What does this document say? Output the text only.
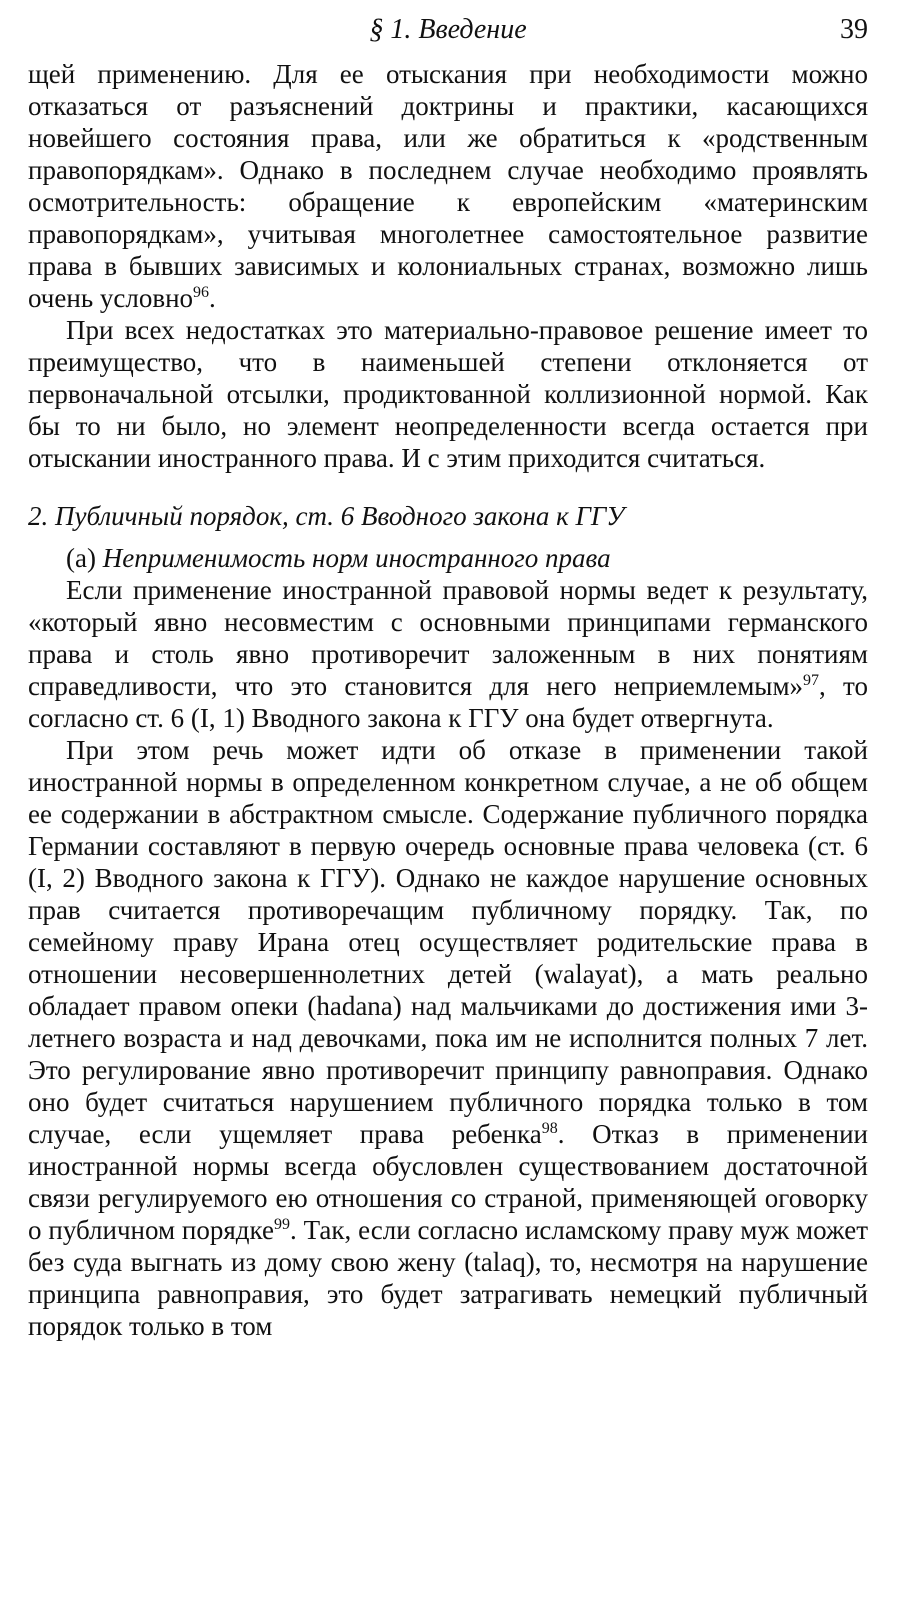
§ 1. Введение	39

щей применению. Для ее отыскания при необходимости можно отказаться от разъяснений доктрины и практики, касающихся новейшего состояния права, или же обратиться к «родственным правопорядкам». Однако в последнем случае необходимо проявлять осмотрительность: обращение к европейским «материнским правопорядкам», учитывая многолетнее самостоятельное развитие права в бывших зависимых и колониальных странах, возможно лишь очень условно$^{96}$.

При всех недостатках это материально-правовое решение имеет то преимущество, что в наименьшей степени отклоняется от первоначальной отсылки, продиктованной коллизионной нормой. Как бы то ни было, но элемент неопределенности всегда остается при отыскании иностранного права. И с этим приходится считаться.

2. Публичный порядок, ст. 6 Вводного закона к ГГУ
(а) Неприменимость норм иностранного права

Если применение иностранной правовой нормы ведет к результату, «который явно несовместим с основными принципами германского права и столь явно противоречит заложенным в них понятиям справедливости, что это становится для него неприемлемым»$^{97}$, то согласно ст. 6 (I, 1) Вводного закона к ГГУ она будет отвергнута.

При этом речь может идти об отказе в применении такой иностранной нормы в определенном конкретном случае, а не об общем ее содержании в абстрактном смысле. Содержание публичного порядка Германии составляют в первую очередь основные права человека (ст. 6 (I, 2) Вводного закона к ГГУ). Однако не каждое нарушение основных прав считается противоречащим публичному порядку. Так, по семейному праву Ирана отец осуществляет родительские права в отношении несовершеннолетних детей (walayat), а мать реально обладает правом опеки (hadana) над мальчиками до достижения ими 3-летнего возраста и над девочками, пока им не исполнится полных 7 лет. Это регулирование явно противоречит принципу равноправия. Однако оно будет считаться нарушением публичного порядка только в том случае, если ущемляет права ребенка$^{98}$. Отказ в применении иностранной нормы всегда обусловлен существованием достаточной связи регулируемого ею отношения со страной, применяющей оговорку о публичном порядке$^{99}$. Так, если согласно исламскому праву муж может без суда выгнать из дому свою жену (talaq), то, несмотря на нарушение принципа равноправия, это будет затрагивать немецкий публичный порядок только в том
